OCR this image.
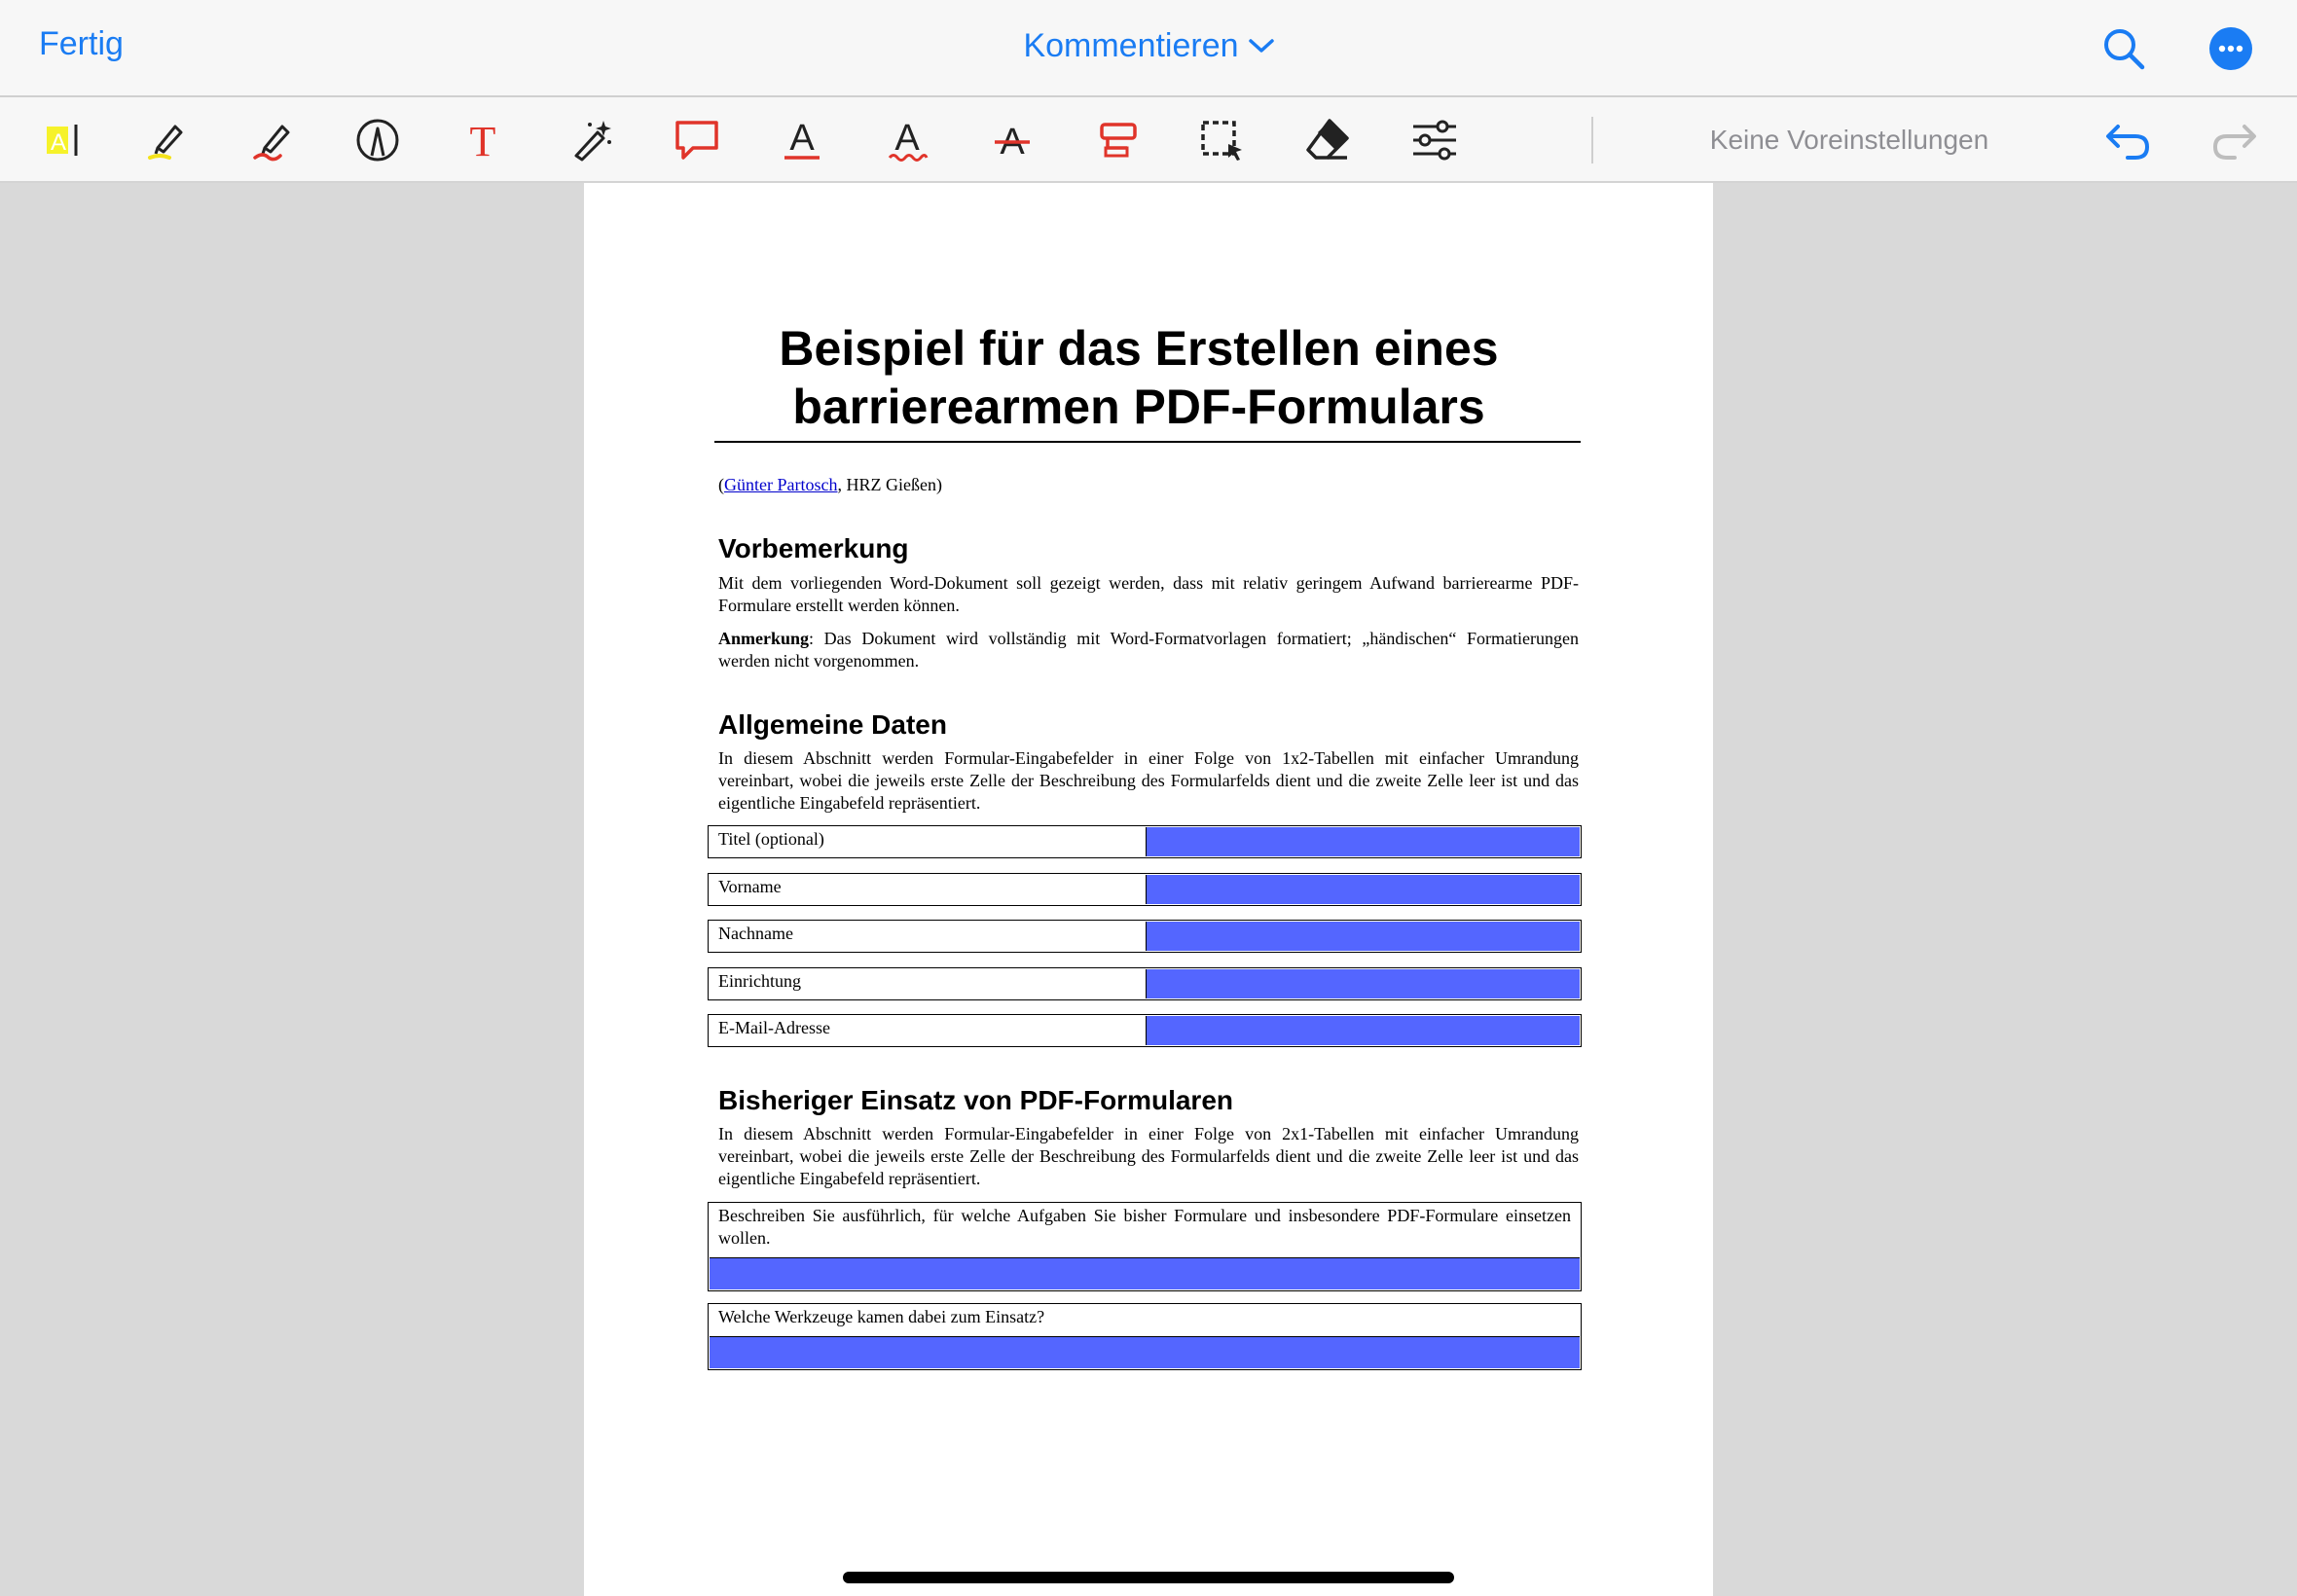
Fertig	Kommentieren
A	T	A A A	Keine Voreinstellungen
Beispiel für das Erstellen eines
barrierearmen PDF-Formulars
(Günter Partosch, HRZ Gießen)
Vorbemerkung
Mit dem vorliegenden Word-Dokument soll gezeigt werden, dass mit relativ geringem Aufwand barrierearme PDF-Formulare erstellt werden können.
Anmerkung: Das Dokument wird vollständig mit Word-Formatvorlagen formatiert; „händischen“ Formatierungen werden nicht vorgenommen.
Allgemeine Daten
In diesem Abschnitt werden Formular-Eingabefelder in einer Folge von 1x2-Tabellen mit einfacher Umrandung vereinbart, wobei die jeweils erste Zelle der Beschreibung des Formularfelds dient und die zweite Zelle leer ist und das eigentliche Eingabefeld repräsentiert.
Titel (optional)
Vorname
Nachname
Einrichtung
E-Mail-Adresse
Bisheriger Einsatz von PDF-Formularen
In diesem Abschnitt werden Formular-Eingabefelder in einer Folge von 2x1-Tabellen mit einfacher Umrandung vereinbart, wobei die jeweils erste Zelle der Beschreibung des Formularfelds dient und die zweite Zelle leer ist und das eigentliche Eingabefeld repräsentiert.
Beschreiben Sie ausführlich, für welche Aufgaben Sie bisher Formulare und insbesondere PDF-Formulare einsetzen wollen.
Welche Werkzeuge kamen dabei zum Einsatz?
